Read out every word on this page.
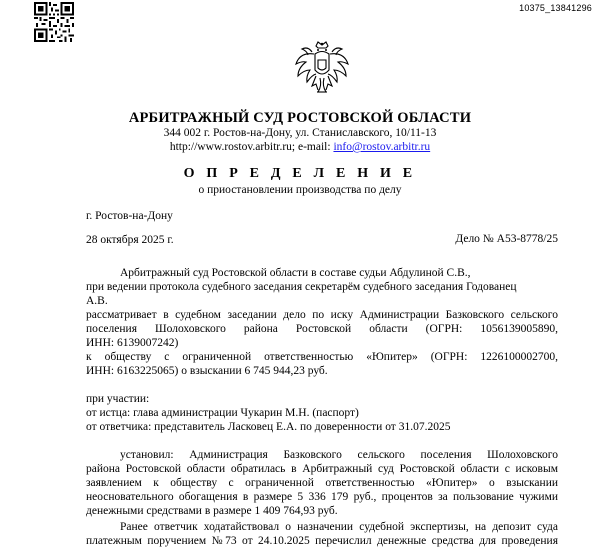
10375_13841296
АРБИТРАЖНЫЙ СУД РОСТОВСКОЙ ОБЛАСТИ
344 002 г. Ростов-на-Дону, ул. Станиславского, 10/11-13
http://www.rostov.arbitr.ru; e-mail: info@rostov.arbitr.ru
О П Р Е Д Е Л Е Н И Е
о приостановлении производства по делу
г. Ростов-на-Дону
28 октября 2025 г.	Дело № А53-8778/25
Арбитражный суд Ростовской области в составе судьи Абдулиной С.В.,
при ведении протокола судебного заседания секретарём судебного заседания Годованец
А.В.
рассматривает в судебном заседании дело по иску Администрации Базковского сельского
поселения Шолоховского района Ростовской области (ОГРН: 1056139005890,
ИНН: 6139007242)
к обществу с ограниченной ответственностью «Юпитер» (ОГРН: 1226100002700,
ИНН: 6163225065) о взыскании 6 745 944,23 руб.
при участии:
от истца: глава администрации Чукарин М.Н. (паспорт)
от ответчика: представитель Ласковец Е.А. по доверенности от 31.07.2025
установил: Администрация Базковского сельского поселения Шолоховского
района Ростовской области обратилась в Арбитражный суд Ростовской области с исковым
заявлением к обществу с ограниченной ответственностью «Юпитер» о взыскании
неосновательного обогащения в размере 5 336 179 руб., процентов за пользование чужими
денежными средствами в размере 1 409 764,93 руб.
Ранее ответчик ходатайствовал о назначении судебной экспертизы, на депозит суда
платежным поручением №73 от 24.10.2025 перечислил денежные средства для проведения
